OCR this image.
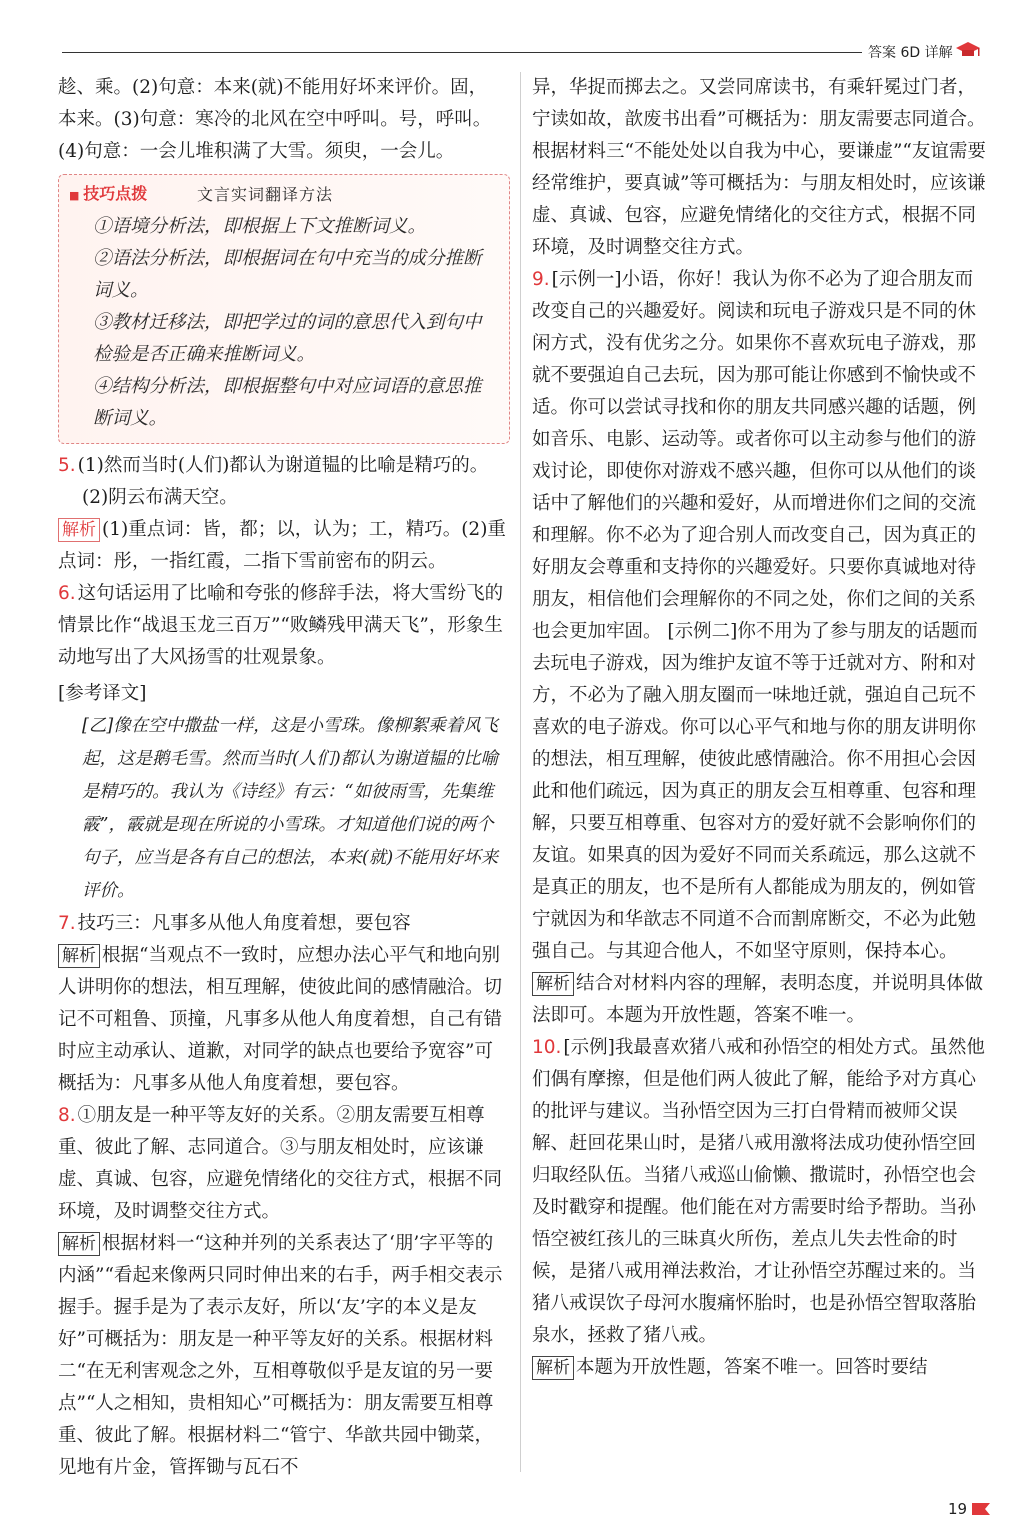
答案 6D 详解

趁、乘。(2)句意：本来(就)不能用好坏来评价。固，

本来。(3)句意：寒冷的北风在空中呼叫。号，呼叫。

(4)句意：一会儿堆积满了大雪。须臾，一会儿。

■ 技巧点拨	文言实词翻译方法

①语境分析法，即根据上下文推断词义。

②语法分析法，即根据词在句中充当的成分推断词义。

③教材迁移法，即把学过的词的意思代入到句中检验是否正确来推断词义。

④结构分析法，即根据整句中对应词语的意思推断词义。

5. (1)然而当时(人们)都认为谢道韫的比喻是精巧的。

(2)阴云布满天空。

解析 (1)重点词：皆，都；以，认为；工，精巧。(2)重点词：彤，一指红霞，二指下雪前密布的阴云。

6. 这句话运用了比喻和夸张的修辞手法，将大雪纷飞的情景比作“战退玉龙三百万”“败鳞残甲满天飞”，形象生动地写出了大风扬雪的壮观景象。

[参考译文]

[乙]像在空中撒盐一样，这是小雪珠。像柳絮乘着风飞起，这是鹅毛雪。然而当时(人们)都认为谢道韫的比喻是精巧的。我认为《诗经》有云：“如彼雨雪，先集维霰”，霰就是现在所说的小雪珠。才知道他们说的两个句子，应当是各有自己的想法，本来(就)不能用好坏来评价。

7. 技巧三：凡事多从他人角度着想，要包容

解析 根据“当观点不一致时，应想办法心平气和地向别人讲明你的想法，相互理解，使彼此间的感情融洽。切记不可粗鲁、顶撞，凡事多从他人角度着想，自己有错时应主动承认、道歉，对同学的缺点也要给予宽容”可概括为：凡事多从他人角度着想，要包容。

8. ①朋友是一种平等友好的关系。②朋友需要互相尊重、彼此了解、志同道合。③与朋友相处时，应该谦虚、真诚、包容，应避免情绪化的交往方式，根据不同环境，及时调整交往方式。

解析 根据材料一“这种并列的关系表达了‘朋’字平等的内涵”“看起来像两只同时伸出来的右手，两手相交表示握手。握手是为了表示友好，所以‘友’字的本义是友好”可概括为：朋友是一种平等友好的关系。根据材料二“在无利害观念之外，互相尊敬似乎是友谊的另一要点”“人之相知，贵相知心”可概括为：朋友需要互相尊重、彼此了解。根据材料二“管宁、华歆共园中锄菜，见地有片金，管挥锄与瓦石不

异，华捉而掷去之。又尝同席读书，有乘轩冕过门者，宁读如故，歆废书出看”可概括为：朋友需要志同道合。根据材料三“不能处处以自我为中心，要谦虚”“友谊需要经常维护，要真诚”等可概括为：与朋友相处时，应该谦虚、真诚、包容，应避免情绪化的交往方式，根据不同环境，及时调整交往方式。

9. [示例一]小语，你好！我认为你不必为了迎合朋友而改变自己的兴趣爱好。阅读和玩电子游戏只是不同的休闲方式，没有优劣之分。如果你不喜欢玩电子游戏，那就不要强迫自己去玩，因为那可能让你感到不愉快或不适。你可以尝试寻找和你的朋友共同感兴趣的话题，例如音乐、电影、运动等。或者你可以主动参与他们的游戏讨论，即使你对游戏不感兴趣，但你可以从他们的谈话中了解他们的兴趣和爱好，从而增进你们之间的交流和理解。你不必为了迎合别人而改变自己，因为真正的好朋友会尊重和支持你的兴趣爱好。只要你真诚地对待朋友，相信他们会理解你的不同之处，你们之间的关系也会更加牢固。 [示例二]你不用为了参与朋友的话题而去玩电子游戏，因为维护友谊不等于迁就对方、附和对方，不必为了融入朋友圈而一味地迁就，强迫自己玩不喜欢的电子游戏。你可以心平气和地与你的朋友讲明你的想法，相互理解，使彼此感情融洽。你不用担心会因此和他们疏远，因为真正的朋友会互相尊重、包容和理解，只要互相尊重、包容对方的爱好就不会影响你们的友谊。如果真的因为爱好不同而关系疏远，那么这就不是真正的朋友，也不是所有人都能成为朋友的，例如管宁就因为和华歆志不同道不合而割席断交，不必为此勉强自己。与其迎合他人，不如坚守原则，保持本心。

解析 结合对材料内容的理解，表明态度，并说明具体做法即可。本题为开放性题，答案不唯一。

10. [示例]我最喜欢猪八戒和孙悟空的相处方式。虽然他们偶有摩擦，但是他们两人彼此了解，能给予对方真心的批评与建议。当孙悟空因为三打白骨精而被师父误解、赶回花果山时，是猪八戒用激将法成功使孙悟空回归取经队伍。当猪八戒巡山偷懒、撒谎时，孙悟空也会及时戳穿和提醒。他们能在对方需要时给予帮助。当孙悟空被红孩儿的三昧真火所伤，差点儿失去性命的时候，是猪八戒用禅法救治，才让孙悟空苏醒过来的。当猪八戒误饮子母河水腹痛怀胎时，也是孙悟空智取落胎泉水，拯救了猪八戒。

解析 本题为开放性题，答案不唯一。回答时要结

19
